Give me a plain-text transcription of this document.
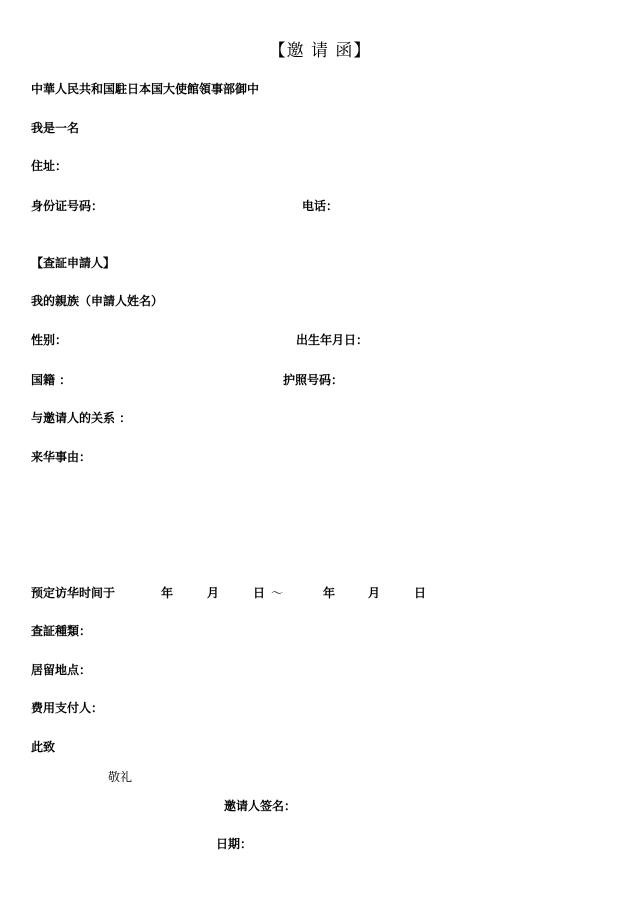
【邀 请 函】
中華人民共和国駐日本国大使館領事部御中
我是一名
住址：
身份证号码：	电话：
【查証申請人】
我的親族（申請人姓名）
性别：	出生年月日：
国籍 ：	护照号码：
与邀请人的关系 ：
来华事由：
预定访华时间于	年	月	日 ～	年	月	日
查証種類：
居留地点：
费用支付人：
此致
敬礼
邀请人签名：
日期：
